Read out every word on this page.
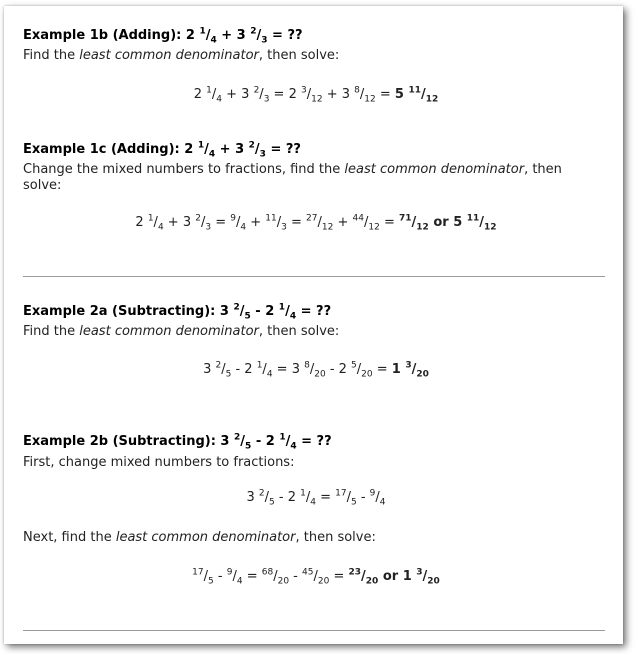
Example 1b (Adding): 2 $^1/_4 + 3$ $^2/_3$ = ??
Find the least common denominator, then solve:
2 $^1/_4 + 3$ $^2/_3 = 2$ $^3/_{12} + 3$ $^8/_{12} = 5$ $^{11}/_{12}$
Example 1c (Adding): 2 $^1/_4 + 3$ $^2/_3$ = ??
Change the mixed numbers to fractions, find the least common denominator, then solve:
2 $^1/_4 + 3$ $^2/_3 = ^9/_4 + ^{11}/_3 = ^{27}/_{12} + ^{44}/_{12} = ^{71}/_{12}$ or 5 $^{11}/_{12}$
Example 2a (Subtracting): 3 $^2/_5 - 2$ $^1/_4$ = ??
Find the least common denominator, then solve:
3 $^2/_5 - 2$ $^1/_4 = 3$ $^8/_{20} - 2$ $^5/_{20} = 1$ $^3/_{20}$
Example 2b (Subtracting): 3 $^2/_5 - 2$ $^1/_4$ = ??
First, change mixed numbers to fractions:
3 $^2/_5 - 2$ $^1/_4 = ^{17}/_5 - ^9/_4$
Next, find the least common denominator, then solve:
$^{17}/_5 - ^9/_4 = ^{68}/_{20} - ^{45}/_{20} = ^{23}/_{20}$ or 1 $^3/_{20}$
